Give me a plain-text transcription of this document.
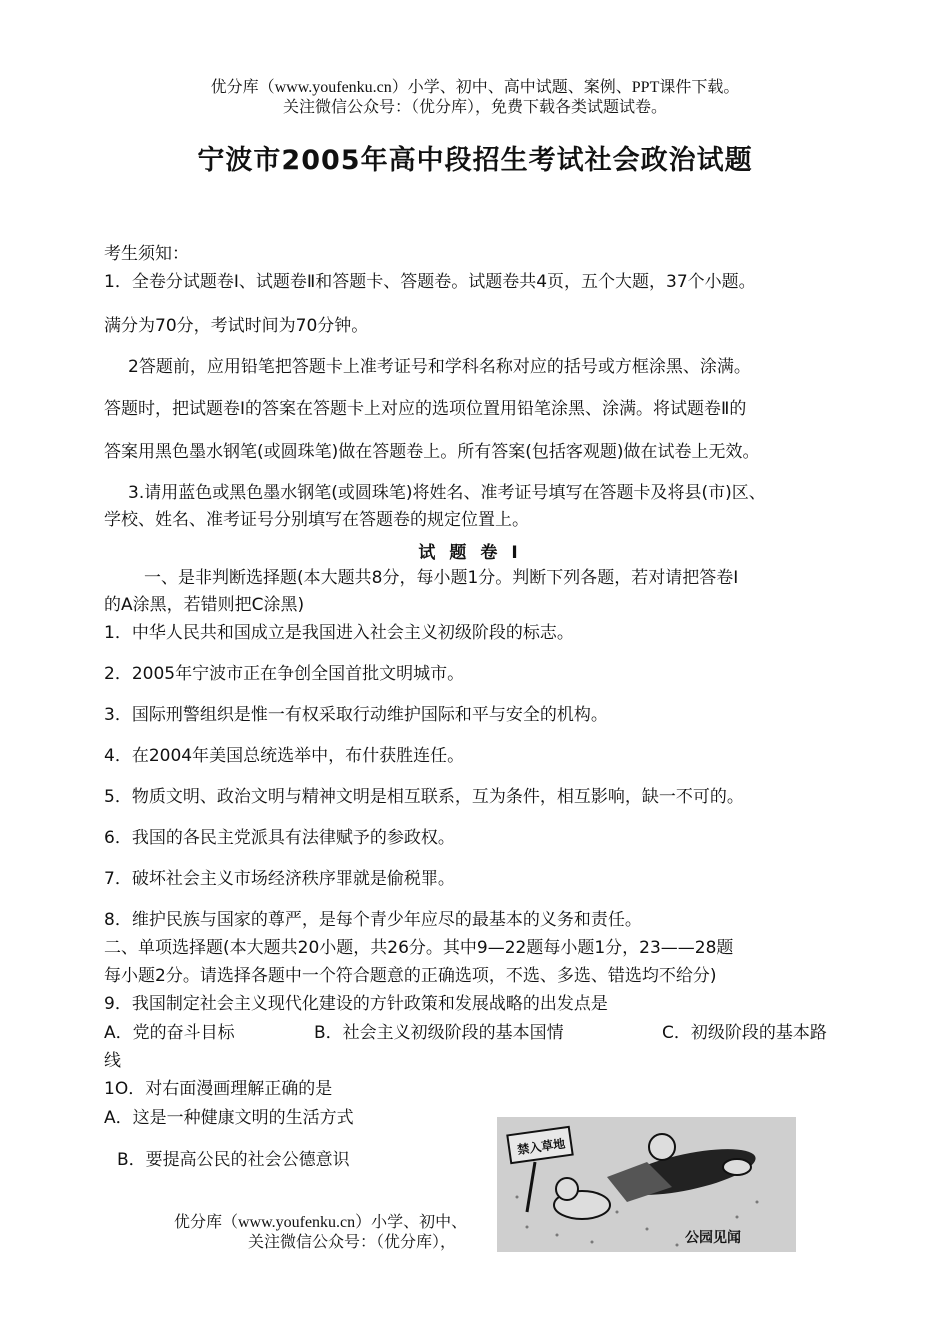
优分库（www.youfenku.cn）小学、初中、高中试题、案例、PPT课件下载。
关注微信公众号：（优分库），免费下载各类试题试卷。
宁波市2005年高中段招生考试社会政治试题
考生须知：
1．全卷分试题卷Ⅰ、试题卷Ⅱ和答题卡、答题卷。试题卷共4页，五个大题，37个小题。
满分为70分，考试时间为70分钟。
2答题前，应用铅笔把答题卡上准考证号和学科名称对应的括号或方框涂黑、涂满。
答题时，把试题卷Ⅰ的答案在答题卡上对应的选项位置用铅笔涂黑、涂满。将试题卷Ⅱ的
答案用黑色墨水钢笔(或圆珠笔)做在答题卷上。所有答案(包括客观题)做在试卷上无效。
3.请用蓝色或黑色墨水钢笔(或圆珠笔)将姓名、准考证号填写在答题卡及将县(市)区、
学校、姓名、准考证号分别填写在答题卷的规定位置上。
试题卷Ⅰ
一、是非判断选择题(本大题共8分，每小题1分。判断下列各题，若对请把答卷Ⅰ
的A涂黑，若错则把C涂黑)
1．中华人民共和国成立是我国进入社会主义初级阶段的标志。
2．2005年宁波市正在争创全国首批文明城市。
3．国际刑警组织是惟一有权采取行动维护国际和平与安全的机构。
4．在2004年美国总统选举中，布什获胜连任。
5．物质文明、政治文明与精神文明是相互联系，互为条件，相互影响，缺一不可的。
6．我国的各民主党派具有法律赋予的参政权。
7．破坏社会主义市场经济秩序罪就是偷税罪。
8．维护民族与国家的尊严，是每个青少年应尽的最基本的义务和责任。
二、单项选择题(本大题共20小题，共26分。其中9—22题每小题1分，23——28题
每小题2分。请选择各题中一个符合题意的正确选项，不选、多选、错选均不给分)
9．我国制定社会主义现代化建设的方针政策和发展战略的出发点是
A．党的奋斗目标	B．社会主义初级阶段的基本国情	C．初级阶段的基本路
线
1O．对右面漫画理解正确的是
A．这是一种健康文明的生活方式
B．要提高公民的社会公德意识
优分库（www.youfenku.cn）小学、初中、
关注微信公众号：（优分库），
禁入草地
公园见闻
